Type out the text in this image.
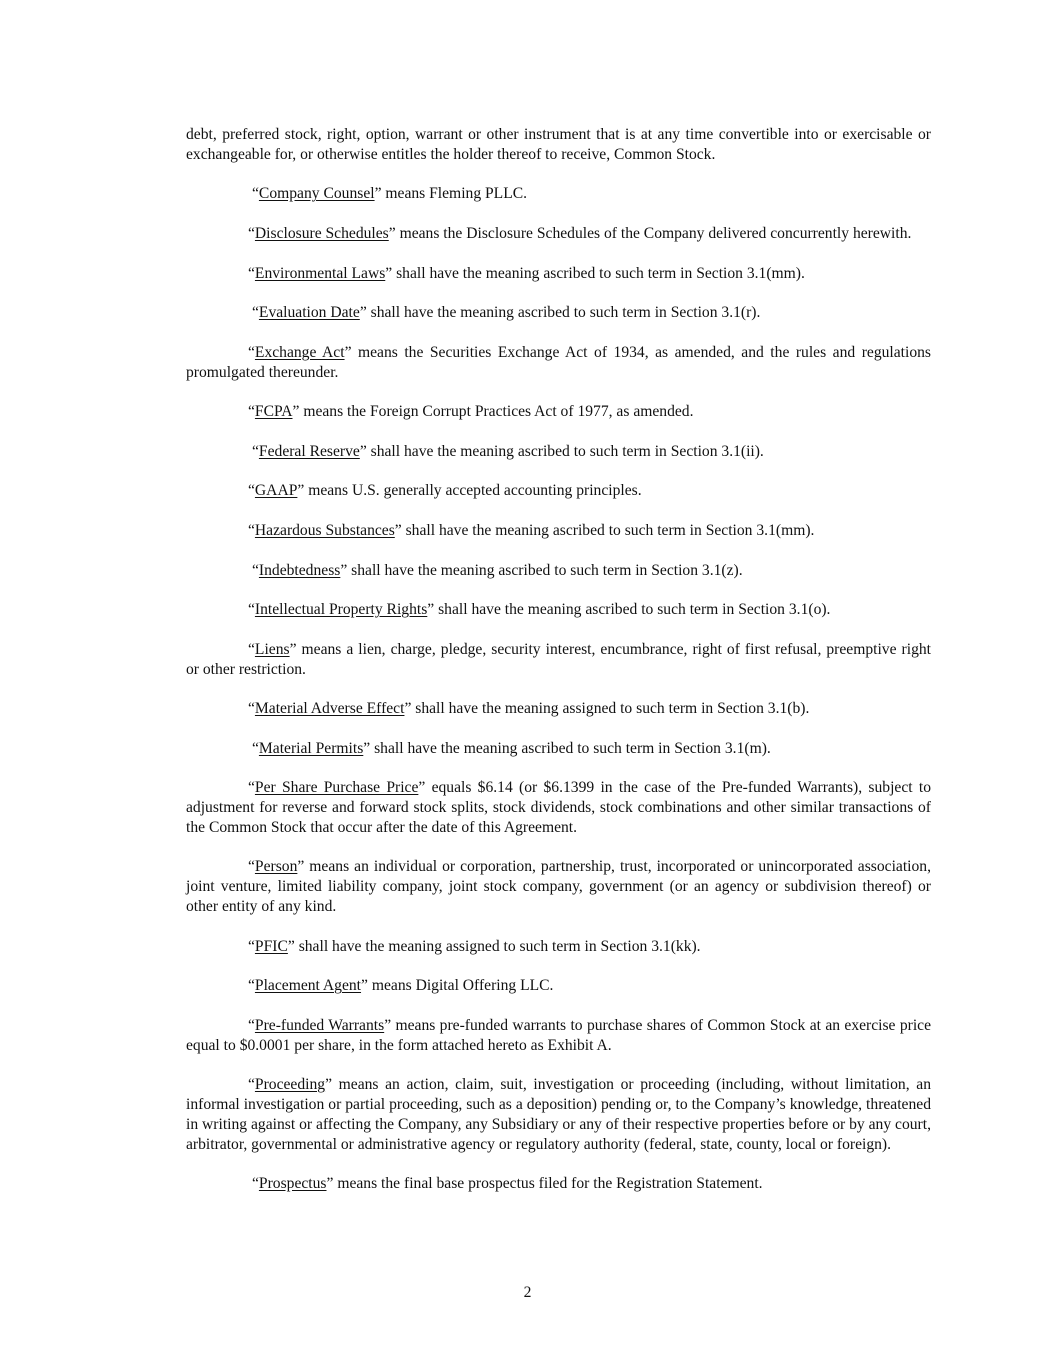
debt, preferred stock, right, option, warrant or other instrument that is at any time convertible into or exercisable or exchangeable for, or otherwise entitles the holder thereof to receive, Common Stock.

“Company Counsel” means Fleming PLLC.

“Disclosure Schedules” means the Disclosure Schedules of the Company delivered concurrently herewith.

“Environmental Laws” shall have the meaning ascribed to such term in Section 3.1(mm).

“Evaluation Date” shall have the meaning ascribed to such term in Section 3.1(r).

“Exchange Act” means the Securities Exchange Act of 1934, as amended, and the rules and regulations promulgated thereunder.

“FCPA” means the Foreign Corrupt Practices Act of 1977, as amended.

“Federal Reserve” shall have the meaning ascribed to such term in Section 3.1(ii).

“GAAP” means U.S. generally accepted accounting principles.

“Hazardous Substances” shall have the meaning ascribed to such term in Section 3.1(mm).

“Indebtedness” shall have the meaning ascribed to such term in Section 3.1(z).

“Intellectual Property Rights” shall have the meaning ascribed to such term in Section 3.1(o).

“Liens” means a lien, charge, pledge, security interest, encumbrance, right of first refusal, preemptive right or other restriction.

“Material Adverse Effect” shall have the meaning assigned to such term in Section 3.1(b).

“Material Permits” shall have the meaning ascribed to such term in Section 3.1(m).

“Per Share Purchase Price” equals $6.14 (or $6.1399 in the case of the Pre-funded Warrants), subject to adjustment for reverse and forward stock splits, stock dividends, stock combinations and other similar transactions of the Common Stock that occur after the date of this Agreement.

“Person” means an individual or corporation, partnership, trust, incorporated or unincorporated association, joint venture, limited liability company, joint stock company, government (or an agency or subdivision thereof) or other entity of any kind.

“PFIC” shall have the meaning assigned to such term in Section 3.1(kk).

“Placement Agent” means Digital Offering LLC.

“Pre-funded Warrants” means pre-funded warrants to purchase shares of Common Stock at an exercise price equal to $0.0001 per share, in the form attached hereto as Exhibit A.

“Proceeding” means an action, claim, suit, investigation or proceeding (including, without limitation, an informal investigation or partial proceeding, such as a deposition) pending or, to the Company’s knowledge, threatened in writing against or affecting the Company, any Subsidiary or any of their respective properties before or by any court, arbitrator, governmental or administrative agency or regulatory authority (federal, state, county, local or foreign).

“Prospectus” means the final base prospectus filed for the Registration Statement.

2
